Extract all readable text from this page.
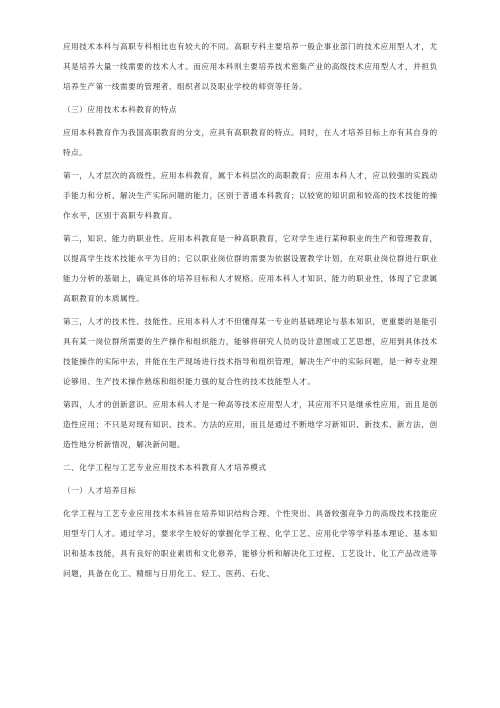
应用技术本科与高职专科相比也有较大的不同。高职专科主要培养一般企事业部门的技术应用型人才，尤其是培养大量一线需要的技术人才。而应用本科则主要培养技术密集产业的高级技术应用型人才，并担负培养生产第一线需要的管理者、组织者以及职业学校的师资等任务。

（三）应用技术本科教育的特点

应用本科教育作为我国高职教育的分支，应具有高职教育的特点。同时，在人才培养目标上亦有其自身的特点。

第一，人才层次的高级性。应用本科教育，属于本科层次的高职教育；应用本科人才，应以较强的实践动手能力和分析、解决生产实际问题的能力，区别于普通本科教育；以较宽的知识面和较高的技术技能的操作水平，区别于高职专科教育。

第二，知识、能力的职业性。应用本科教育是一种高职教育，它对学生进行某种职业的生产和管理教育，以提高学生技术技能水平为目的；它以职业岗位群的需要为依据设置教学计划，在对职业岗位群进行职业能力分析的基础上，确定具体的培养目标和人才规格。应用本科人才知识、能力的职业性，体现了它隶属高职教育的本质属性。

第三，人才的技术性、技能性。应用本科人才不但懂得某一专业的基础理论与基本知识，更重要的是能引具有某一岗位群所需要的生产操作和组织能力，能够将研究人员的设计意图或工艺思想，应用到具体技术技能操作的实际中去，并能在生产现场进行技术指导和组织管理，解决生产中的实际问题，是一种专业理论够用、生产技术操作熟练和组织能力强的复合性的技术技能型人才。

第四，人才的创新意识。应用本科人才是一种高等技术应用型人才，其应用不只是继承性应用，而且是创造性应用；不只是对现有知识、技术、方法的应用，而且是通过不断地学习新知识、新技术、新方法，创造性地分析新情况，解决新问题。

二、化学工程与工艺专业应用技术本科教育人才培养模式

（一）人才培养目标

化学工程与工艺专业应用技术本科旨在培养知识结构合理、个性突出、具备较强竞争力的高级技术技能应用型专门人才。通过学习，要求学生较好的掌握化学工程、化学工艺、应用化学等学科基本理论、基本知识和基本技能，具有良好的职业素质和文化修养，能够分析和解决化工过程、工艺设计、化工产品改进等问题，具备在化工、精细与日用化工、轻工、医药、石化、
